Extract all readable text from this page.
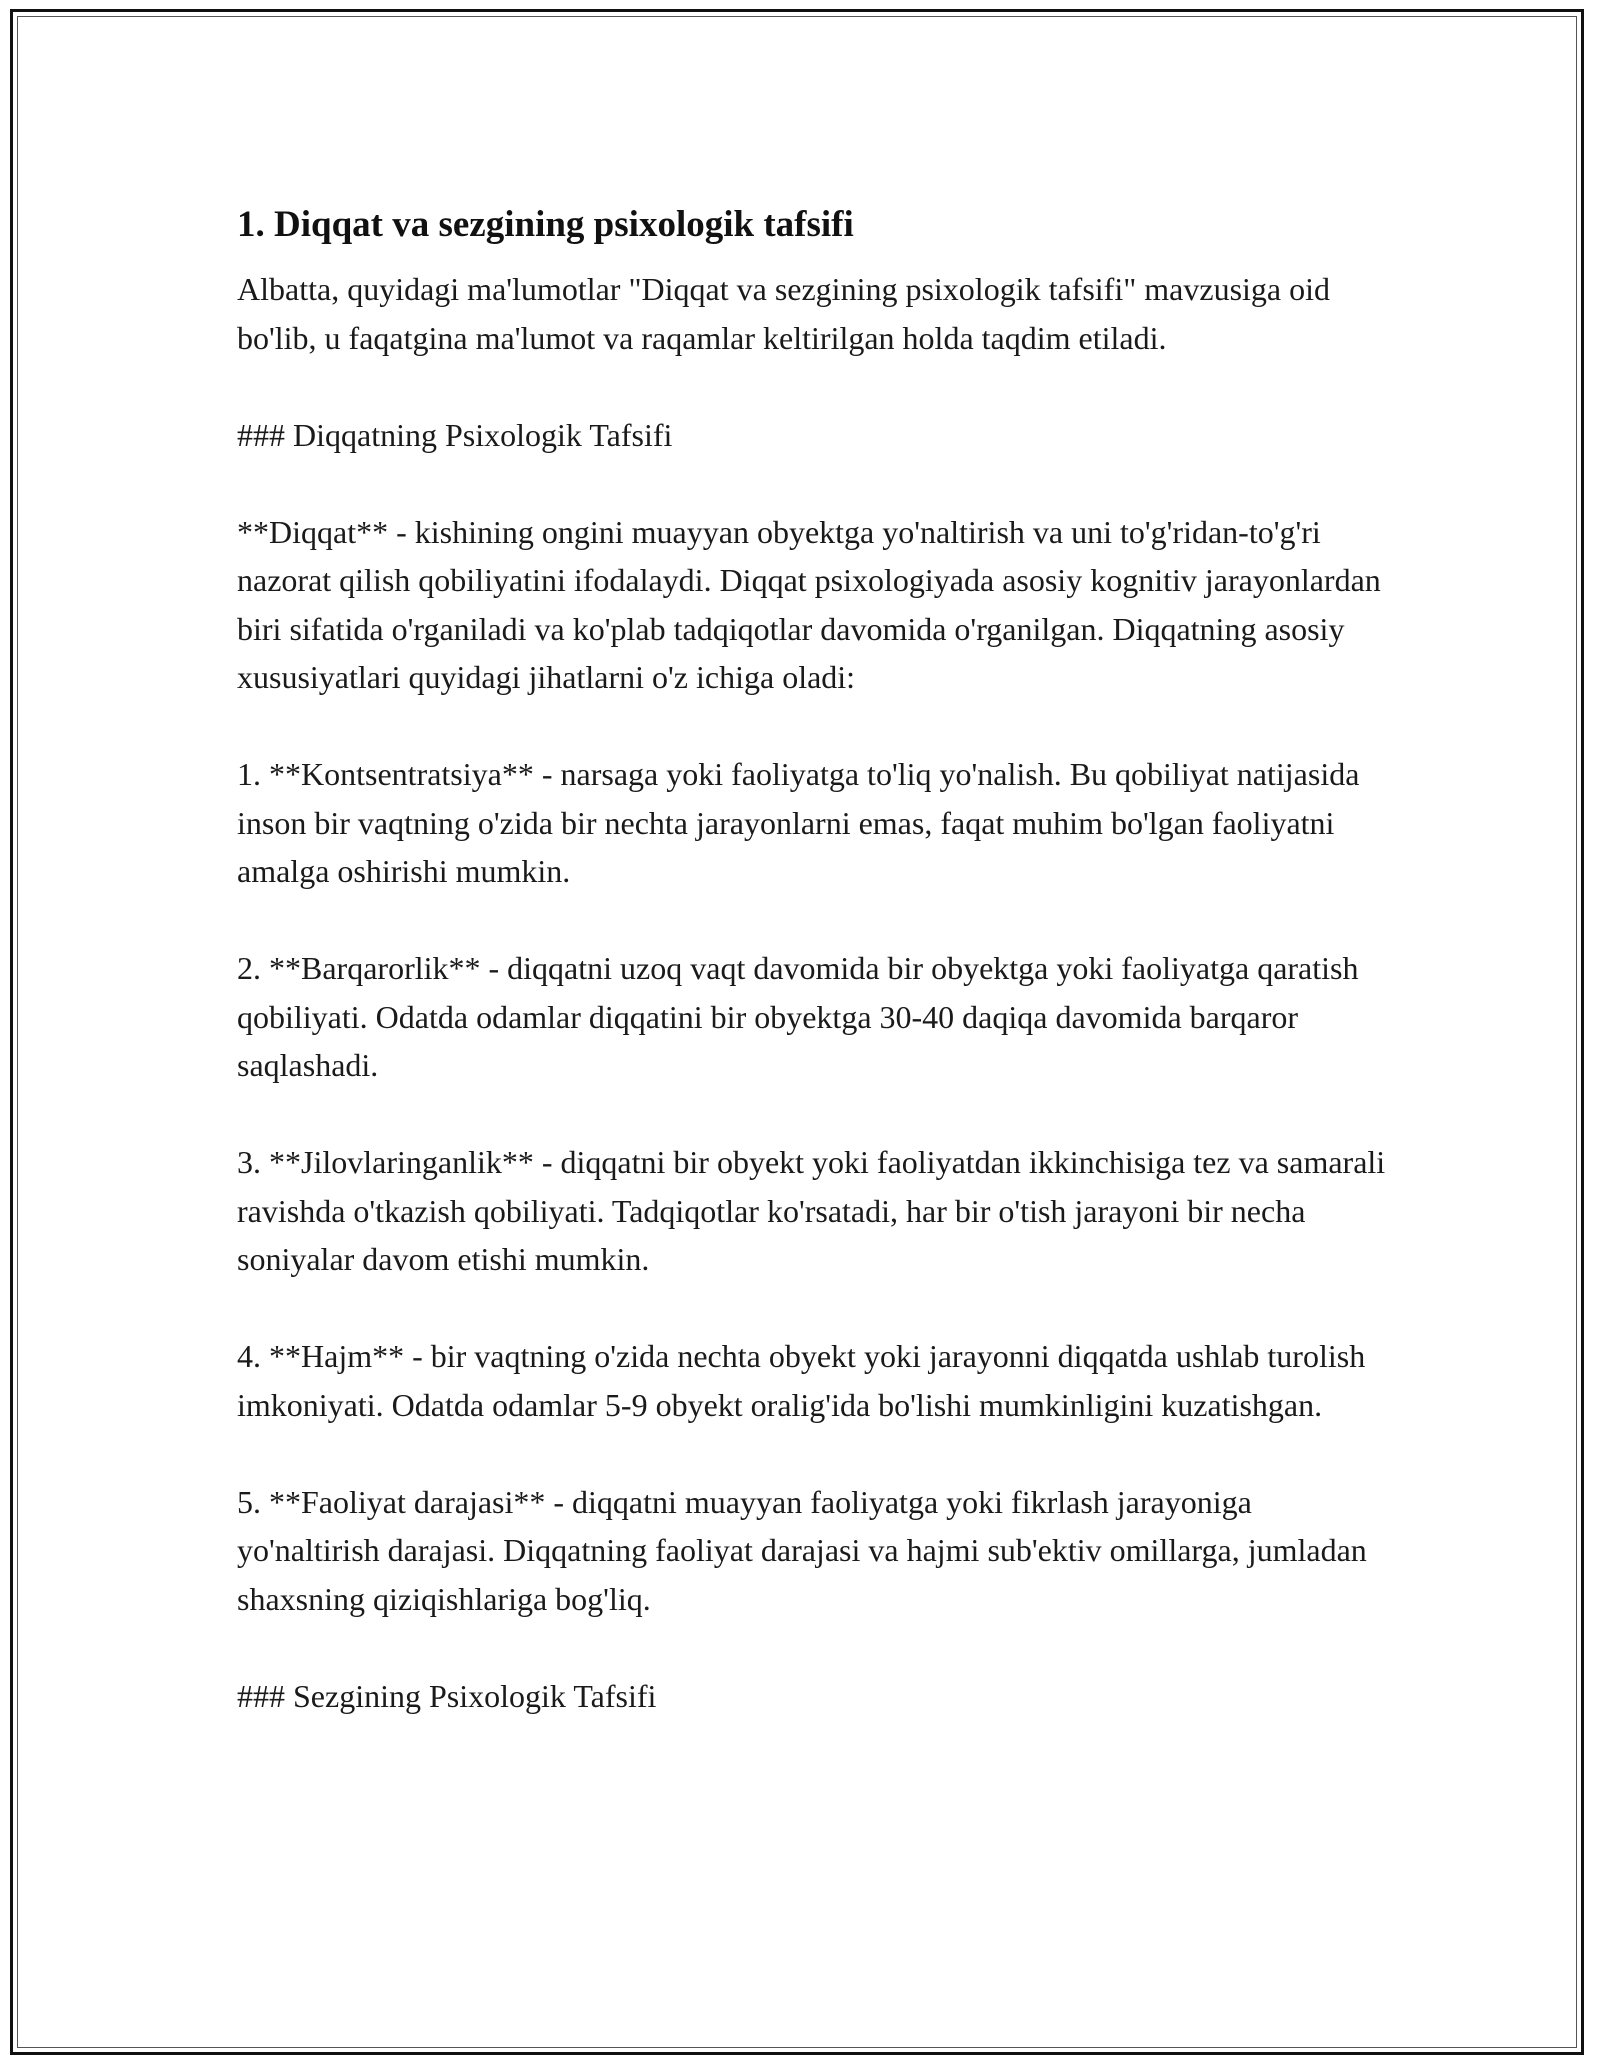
1. Diqqat va sezgining psixologik tafsifi

Albatta, quyidagi ma'lumotlar "Diqqat va sezgining psixologik tafsifi" mavzusiga oid bo'lib, u faqatgina ma'lumot va raqamlar keltirilgan holda taqdim etiladi.

### Diqqatning Psixologik Tafsifi

**Diqqat** - kishining ongini muayyan obyektga yo'naltirish va uni to'g'ridan-to'g'ri nazorat qilish qobiliyatini ifodalaydi. Diqqat psixologiyada asosiy kognitiv jarayonlardan biri sifatida o'rganiladi va ko'plab tadqiqotlar davomida o'rganilgan. Diqqatning asosiy xususiyatlari quyidagi jihatlarni o'z ichiga oladi:

1. **Kontsentratsiya** - narsaga yoki faoliyatga to'liq yo'nalish. Bu qobiliyat natijasida inson bir vaqtning o'zida bir nechta jarayonlarni emas, faqat muhim bo'lgan faoliyatni amalga oshirishi mumkin.

2. **Barqarorlik** - diqqatni uzoq vaqt davomida bir obyektga yoki faoliyatga qaratish qobiliyati. Odatda odamlar diqqatini bir obyektga 30-40 daqiqa davomida barqaror saqlashadi.

3. **Jilovlaringanlik** - diqqatni bir obyekt yoki faoliyatdan ikkinchisiga tez va samarali ravishda o'tkazish qobiliyati. Tadqiqotlar ko'rsatadi, har bir o'tish jarayoni bir necha soniyalar davom etishi mumkin.

4. **Hajm** - bir vaqtning o'zida nechta obyekt yoki jarayonni diqqatda ushlab turolish imkoniyati. Odatda odamlar 5-9 obyekt oralig'ida bo'lishi mumkinligini kuzatishgan.

5. **Faoliyat darajasi** - diqqatni muayyan faoliyatga yoki fikrlash jarayoniga yo'naltirish darajasi. Diqqatning faoliyat darajasi va hajmi sub'ektiv omillarga, jumladan shaxsning qiziqishlariga bog'liq.

### Sezgining Psixologik Tafsifi
